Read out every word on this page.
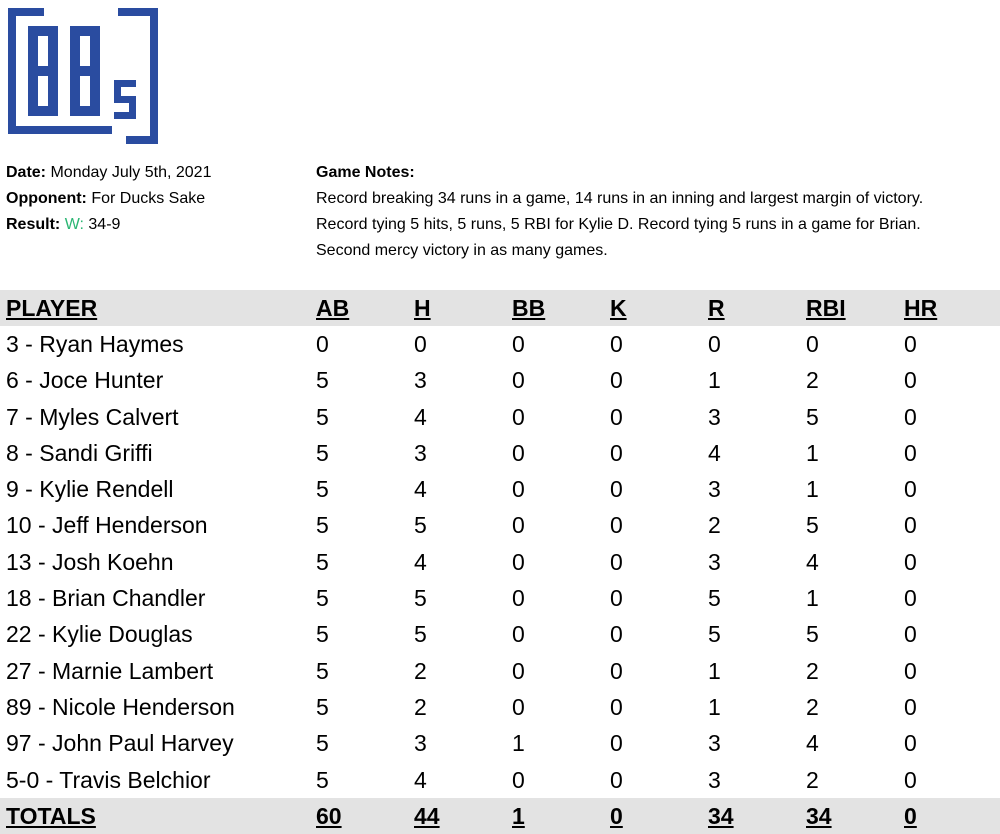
Date: Monday July 5th, 2021
Opponent: For Ducks Sake
Result: W: 34-9
Game Notes:
Record breaking 34 runs in a game, 14 runs in an inning and largest margin of victory.
Record tying 5 hits, 5 runs, 5 RBI for Kylie D. Record tying 5 runs in a game for Brian.
Second mercy victory in as many games.
PLAYER	AB	H	BB	K	R	RBI	HR
3 - Ryan Haymes	0	0	0	0	0	0	0
6 - Joce Hunter	5	3	0	0	1	2	0
7 - Myles Calvert	5	4	0	0	3	5	0
8 - Sandi Griffi	5	3	0	0	4	1	0
9 - Kylie Rendell	5	4	0	0	3	1	0
10 - Jeff Henderson	5	5	0	0	2	5	0
13 - Josh Koehn	5	4	0	0	3	4	0
18 - Brian Chandler	5	5	0	0	5	1	0
22 - Kylie Douglas	5	5	0	0	5	5	0
27 - Marnie Lambert	5	2	0	0	1	2	0
89 - Nicole Henderson	5	2	0	0	1	2	0
97 - John Paul Harvey	5	3	1	0	3	4	0
5-0 - Travis Belchior	5	4	0	0	3	2	0
TOTALS	60	44	1	0	34	34	0
